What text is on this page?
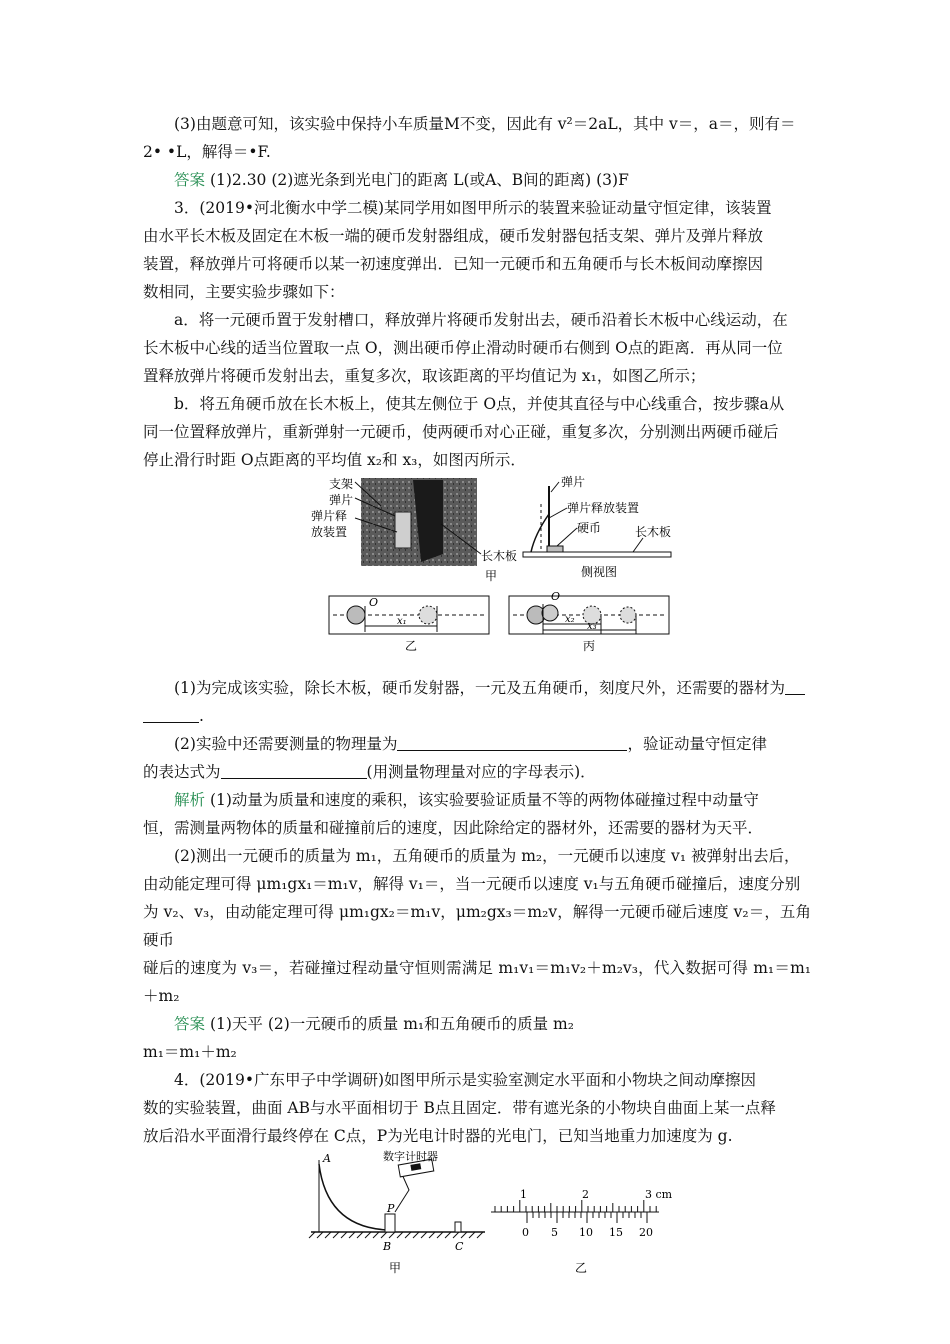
(3)由题意可知，该实验中保持小车质量M不变，因此有 v²＝2aL，其中 v＝，a＝，则有＝

2• •L，解得＝•F.

答案 (1)2.30 (2)遮光条到光电门的距离 L(或A、B间的距离) (3)F

3．(2019•河北衡水中学二模)某同学用如图甲所示的装置来验证动量守恒定律，该装置

由水平长木板及固定在木板一端的硬币发射器组成，硬币发射器包括支架、弹片及弹片释放

装置，释放弹片可将硬币以某一初速度弹出．已知一元硬币和五角硬币与长木板间动摩擦因

数相同，主要实验步骤如下：

a．将一元硬币置于发射槽口，释放弹片将硬币发射出去，硬币沿着长木板中心线运动，在

长木板中心线的适当位置取一点 O，测出硬币停止滑动时硬币右侧到 O点的距离．再从同一位

置释放弹片将硬币发射出去，重复多次，取该距离的平均值记为 x₁，如图乙所示；

b．将五角硬币放在长木板上，使其左侧位于 O点，并使其直径与中心线重合，按步骤a从

同一位置释放弹片，重新弹射一元硬币，使两硬币对心正碰，重复多次，分别测出两硬币碰后

停止滑行时距 O点距离的平均值 x₂和 x₃，如图丙所示．

支架
弹片
弹片释
放装置
长木板
甲
弹片
弹片释放装置
硬币	长木板
侧视图
O
x₁
乙
O
x₂
x₃
丙

(1)为完成该实验，除长木板，硬币发射器，一元及五角硬币，刻度尺外，还需要的器材为

.

(2)实验中还需要测量的物理量为	，验证动量守恒定律

的表达式为	(用测量物理量对应的字母表示)．

解析 (1)动量为质量和速度的乘积，该实验要验证质量不等的两物体碰撞过程中动量守

恒，需测量两物体的质量和碰撞前后的速度，因此除给定的器材外，还需要的器材为天平．

(2)测出一元硬币的质量为 m₁，五角硬币的质量为 m₂，一元硬币以速度 v₁ 被弹射出去后，

由动能定理可得 μm₁gx₁＝m₁v，解得 v₁＝，当一元硬币以速度 v₁与五角硬币碰撞后，速度分别

为 v₂、v₃，由动能定理可得 μm₁gx₂＝m₁v，μm₂gx₃＝m₂v，解得一元硬币碰后速度 v₂＝，五角硬币

碰后的速度为 v₃＝，若碰撞过程动量守恒则需满足 m₁v₁＝m₁v₂＋m₂v₃，代入数据可得 m₁＝m₁＋m₂

答案 (1)天平 (2)一元硬币的质量 m₁和五角硬币的质量 m₂

m₁＝m₁＋m₂

4．(2019•广东甲子中学调研)如图甲所示是实验室测定水平面和小物块之间动摩擦因

数的实验装置，曲面 AB与水平面相切于 B点且固定．带有遮光条的小物块自曲面上某一点释

放后沿水平面滑行最终停在 C点，P为光电计时器的光电门，已知当地重力加速度为 g.

数字计时器
A
P
B	C
甲
1	2	3 cm
0 5 10 15 20
乙
